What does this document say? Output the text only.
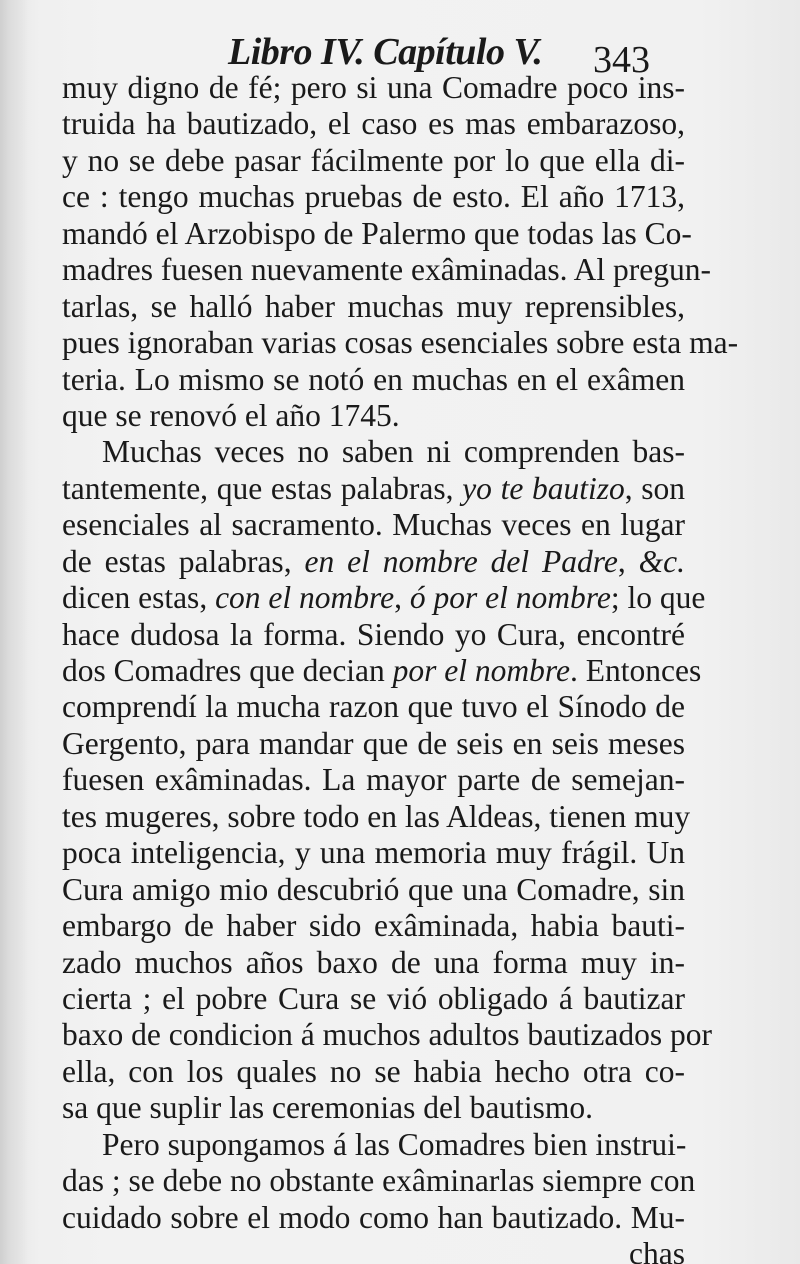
Libro IV. Capítulo V. 343
muy digno de fé; pero si una Comadre poco ins-
truida ha bautizado, el caso es mas embarazoso,
y no se debe pasar fácilmente por lo que ella di-
ce : tengo muchas pruebas de esto. El año 1713,
mandó el Arzobispo de Palermo que todas las Co-
madres fuesen nuevamente exâminadas. Al pregun-
tarlas, se halló haber muchas muy reprensibles,
pues ignoraban varias cosas esenciales sobre esta ma-
teria. Lo mismo se notó en muchas en el exâmen
que se renovó el año 1745.
Muchas veces no saben ni comprenden bas-
tantemente, que estas palabras, yo te bautizo, son
esenciales al sacramento. Muchas veces en lugar
de estas palabras, en el nombre del Padre, &c.
dicen estas, con el nombre, ó por el nombre; lo que
hace dudosa la forma. Siendo yo Cura, encontré
dos Comadres que decian por el nombre. Entonces
comprendí la mucha razon que tuvo el Sínodo de
Gergento, para mandar que de seis en seis meses
fuesen exâminadas. La mayor parte de semejan-
tes mugeres, sobre todo en las Aldeas, tienen muy
poca inteligencia, y una memoria muy frágil. Un
Cura amigo mio descubrió que una Comadre, sin
embargo de haber sido exâminada, habia bauti-
zado muchos años baxo de una forma muy in-
cierta ; el pobre Cura se vió obligado á bautizar
baxo de condicion á muchos adultos bautizados por
ella, con los quales no se habia hecho otra co-
sa que suplir las ceremonias del bautismo.
Pero supongamos á las Comadres bien instrui-
das ; se debe no obstante exâminarlas siempre con
cuidado sobre el modo como han bautizado. Mu-
chas
